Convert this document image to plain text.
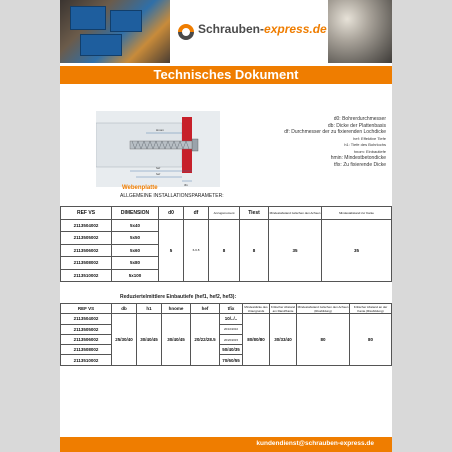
Schrauben-express.de
Technisches Dokument
Hnom
hef
tfix
hef
d0: Bohrerdurchmesser
db: Dicke der Plattenbasis
df: Durchmesser der zu fixierenden Lochdicke
hef: Effektive Tiefe
h1: Tiefe des Bohrlochs
hnom: Einbautiefe
hmin: Mindestbetondicke
tfix: Zu fixierende Dicke
Webenplatte
ALLGEMEINE INSTALLATIONSPARAMETER:
REF VS	DIMENSION	d0	df	Anzugsmoment	Tiest	Mindestabstand zwischen den Achsen	Mindestabstand zur Kante
2113504002	5x40	5	6-6.8	8	8	35	35
2113505002	5x50						
2113506002	5x60						
2113508002	5x80						
2113510002	5x100						
Reduziertelmittlere Einbautiefe (hef1, hef2, hef3):
REF VS	db	h1	hnome	hef	tfix	Mindestdicke des Untergrunds	Kritischer Abstand am Rand/Kante	Mindestabstand zwischen den Achsen (Rissbildung)	Kritischer Abstand an der Kante (Rissbildung)
2113504002	25/30/40	30/40/45	30/40/45	20/22/28.5	10/../..	80/80/80	30/33/40	80	80
2113505002					20/10/2010				
2113506002					20/20/2015				
2113508002					50/40/35				
2113510002					70/60/55				
kundendienst@schrauben-express.de
